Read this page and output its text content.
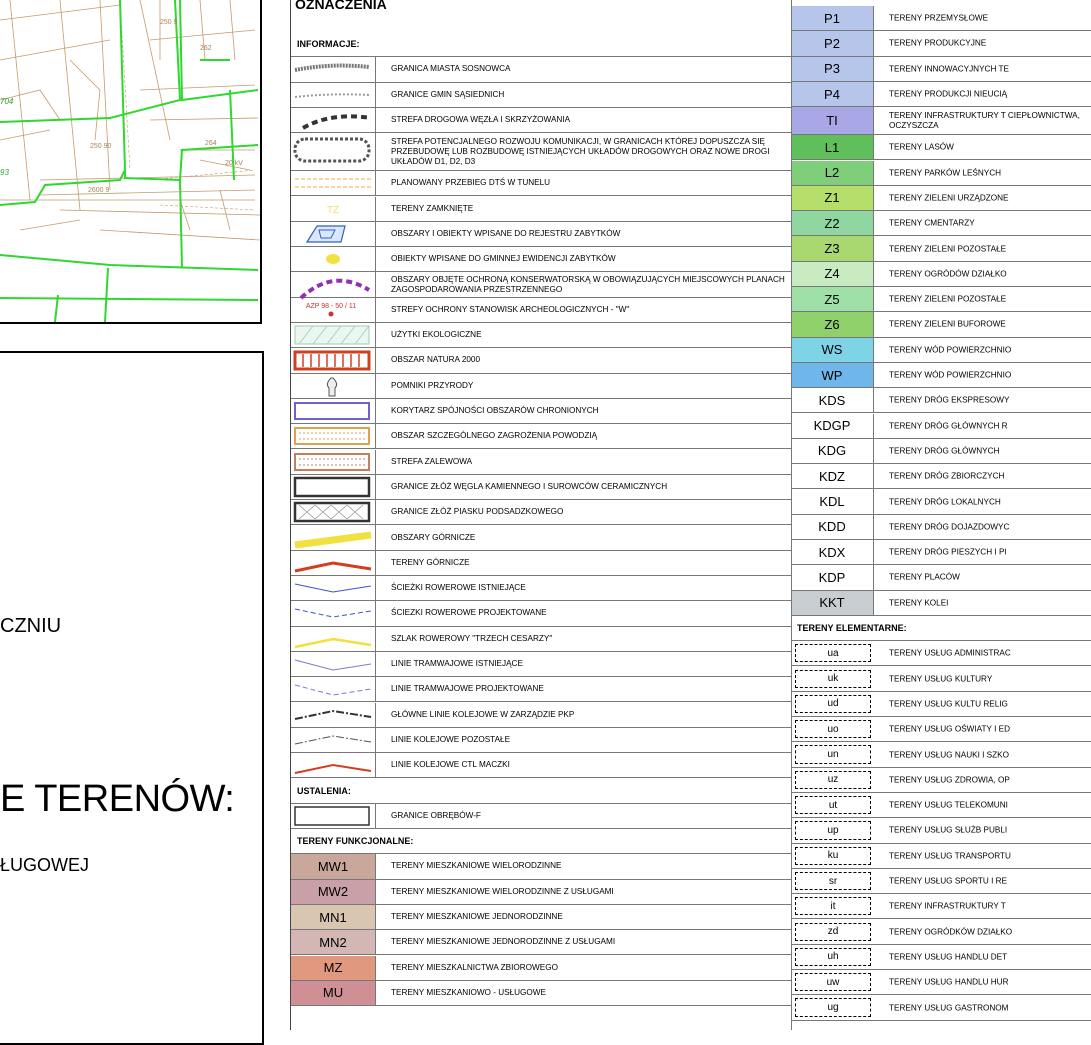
704
93
250 9
264
2600 9
250 90
262
20 kV
CZNIU
E TERENÓW:
ŁUGOWEJ
OZNACZENIA
INFORMACJE:
GRANICA MIASTA SOSNOWCA
GRANICE GMIN SĄSIEDNICH
STREFA DROGOWA WĘZŁA I SKRZYŻOWANIA
STREFA POTENCJALNEGO ROZWOJU KOMUNIKACJI, W GRANICACH KTÓREJ DOPUSZCZA SIĘ PRZEBUDOWĘ LUB ROZBUDOWĘ ISTNIEJĄCYCH UKŁADÓW DROGOWYCH ORAZ NOWE DROGI UKŁADÓW D1, D2, D3
PLANOWANY PRZEBIEG DTŚ W TUNELU
TZ	TERENY ZAMKNIĘTE
OBSZARY I OBIEKTY WPISANE DO REJESTRU ZABYTKÓW
OBIEKTY WPISANE DO GMINNEJ EWIDENCJI ZABYTKÓW
OBSZARY OBJĘTE OCHRONĄ KONSERWATORSKĄ W OBOWIĄZUJĄCYCH MIEJSCOWYCH PLANACH ZAGOSPODAROWANIA PRZESTRZENNEGO
AZP 98 - 50 / 11	STREFY OCHRONY STANOWISK ARCHEOLOGICZNYCH - "W"
UŻYTKI EKOLOGICZNE
OBSZAR NATURA 2000
POMNIKI PRZYRODY
KORYTARZ SPÓJNOŚCI OBSZARÓW CHRONIONYCH
OBSZAR SZCZEGÓLNEGO ZAGROŻENIA POWODZIĄ
STREFA ZALEWOWA
GRANICE ZŁÓŻ WĘGLA KAMIENNEGO I SUROWCÓW CERAMICZNYCH
GRANICE ZŁÓŻ PIASKU PODSADZKOWEGO
OBSZARY GÓRNICZE
TERENY GÓRNICZE
ŚCIEŻKI ROWEROWE ISTNIEJĄCE
ŚCIEZKI ROWEROWE PROJEKTOWANE
SZLAK ROWEROWY "TRZECH CESARZY"
LINIE TRAMWAJOWE ISTNIEJĄCE
LINIE TRAMWAJOWE PROJEKTOWANE
GŁÓWNE LINIE KOLEJOWE W ZARZĄDZIE PKP
LINIE KOLEJOWE POZOSTAŁE
LINIE KOLEJOWE CTL MACZKI
USTALENIA:
GRANICE OBRĘBÓW-F
TERENY FUNKCJONALNE:
MW1	TERENY MIESZKANIOWE WIELORODZINNE
MW2	TERENY MIESZKANIOWE WIELORODZINNE Z USŁUGAMI
MN1	TERENY MIESZKANIOWE JEDNORODZINNE
MN2	TERENY MIESZKANIOWE JEDNORODZINNE Z USŁUGAMI
MZ	TERENY MIESZKALNICTWA ZBIOROWEGO
MU	TERENY MIESZKANIOWO - USŁUGOWE
P1	TERENY PRZEMYSŁOWE
P2	TERENY PRODUKCYJNE
P3	TERENY INNOWACYJNYCH TE
P4	TERENY PRODUKCJI NIEUCIĄ
TI	TERENY INFRASTRUKTURY T CIEPŁOWNICTWA, OCZYSZCZA
L1	TERENY LASÓW
L2	TERENY PARKÓW LEŚNYCH
Z1	TERENY ZIELENI URZĄDZONE
Z2	TERENY CMENTARZY
Z3	TERENY ZIELENI POZOSTAŁE
Z4	TERENY OGRÓDÓW DZIAŁKO
Z5	TERENY ZIELENI POZOSTAŁE
Z6	TERENY ZIELENI BUFOROWE
WS	TERENY WÓD POWIERZCHNIO
WP	TERENY WÓD POWIERZCHNIO
KDS	TERENY DRÓG EKSPRESOWY
KDGP	TERENY DRÓG GŁÓWNYCH R
KDG	TERENY DRÓG GŁÓWNYCH
KDZ	TERENY DRÓG ZBIORCZYCH
KDL	TERENY DRÓG LOKALNYCH
KDD	TERENY DRÓG DOJAZDOWYC
KDX	TERENY DRÓG PIESZYCH I PI
KDP	TERENY PLACÓW
KKT	TERENY KOLEI
TERENY ELEMENTARNE:
ua	TERENY USŁUG ADMINISTRAC
uk	TERENY USŁUG KULTURY
ud	TERENY USŁUG KULTU RELIG
uo	TERENY USŁUG OŚWIATY I ED
un	TERENY USŁUG NAUKI I SZKO
uz	TERENY USŁUG ZDROWIA, OP
ut	TERENY USŁUG TELEKOMUNI
up	TERENY USŁUG SŁUŻB PUBLI
ku	TERENY USŁUG TRANSPORTU
sr	TERENY USŁUG SPORTU I RE
it	TERENY INFRASTRUKTURY T
zd	TERENY OGRÓDKÓW DZIAŁKO
uh	TERENY USŁUG HANDLU DET
uw	TERENY USŁUG HANDLU HUR
ug	TERENY USŁUG GASTRONOM
